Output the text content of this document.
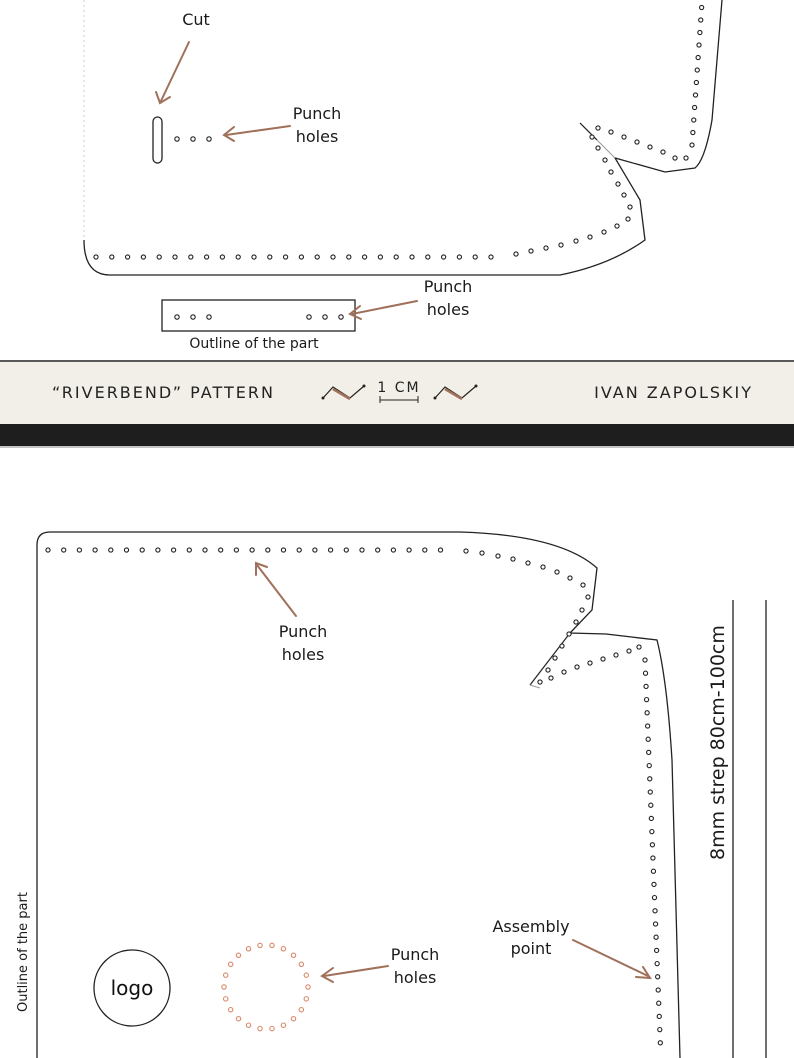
Cut
Punch
holes
Outline of the part
Punch
holes
“RIVERBEND” PATTERN	1 CM	IVAN ZAPOLSKIY
8mm strep 80cm-100cm
Outline of the part
Punch
holes
Assembly
point
logo
Punch
holes
